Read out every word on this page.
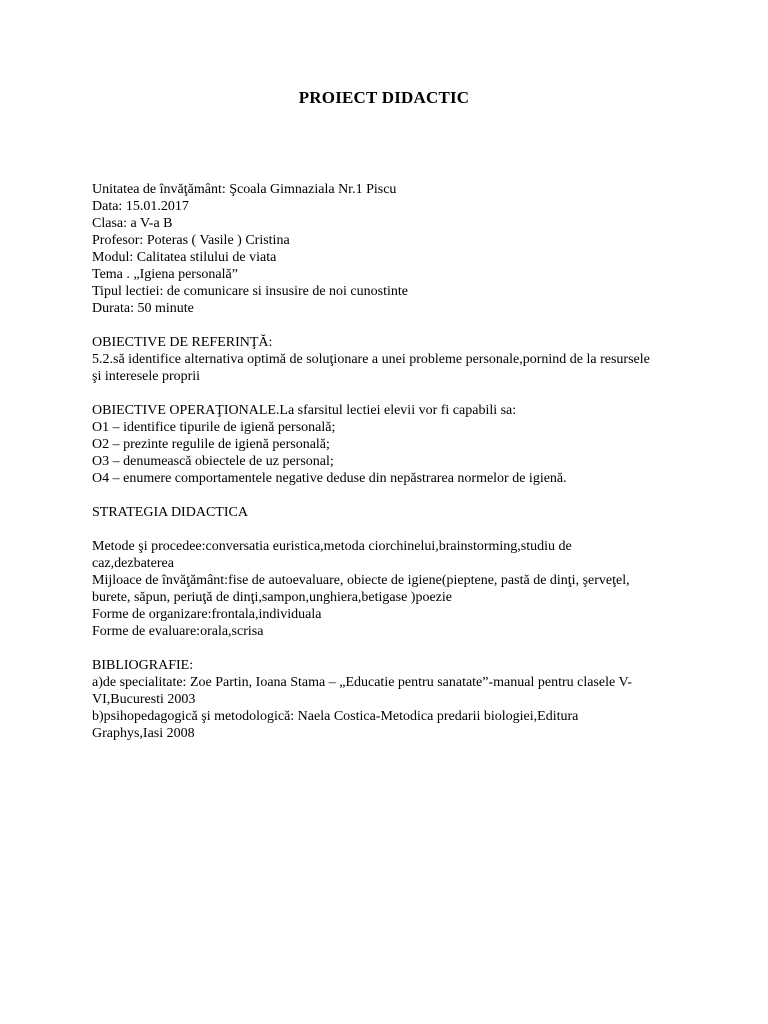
PROIECT DIDACTIC
Unitatea de învăţământ: Şcoala Gimnaziala Nr.1 Piscu
Data: 15.01.2017
Clasa: a V-a B
Profesor: Poteras ( Vasile ) Cristina
Modul: Calitatea stilului de viata
Tema . „Igiena personală”
Tipul lectiei: de comunicare si insusire de noi cunostinte
Durata: 50 minute
OBIECTIVE DE REFERINŢĂ:
5.2.să identifice alternativa optimă de soluţionare a unei probleme personale,pornind de la resursele
şi interesele proprii
OBIECTIVE OPERAŢIONALE.La sfarsitul lectiei elevii vor fi capabili sa:
O1 – identifice tipurile de igienă personală;
O2 – prezinte regulile de igienă personală;
O3 – denumească obiectele de uz personal;
O4 – enumere comportamentele negative deduse din nepăstrarea normelor de igienă.
STRATEGIA DIDACTICA
Metode şi procedee:conversatia euristica,metoda ciorchinelui,brainstorming,studiu de
caz,dezbaterea
Mijloace de învăţământ:fise de autoevaluare, obiecte de igiene(pieptene, pastă de dinţi, şerveţel,
burete, săpun, periuţă de dinţi,sampon,unghiera,betigase )poezie
Forme de organizare:frontala,individuala
Forme de evaluare:orala,scrisa
BIBLIOGRAFIE:
a)de specialitate: Zoe Partin, Ioana Stama – „Educatie pentru sanatate”-manual pentru clasele V-
VI,Bucuresti 2003
b)psihopedagogică şi metodologică: Naela Costica-Metodica predarii biologiei,Editura
Graphys,Iasi 2008
